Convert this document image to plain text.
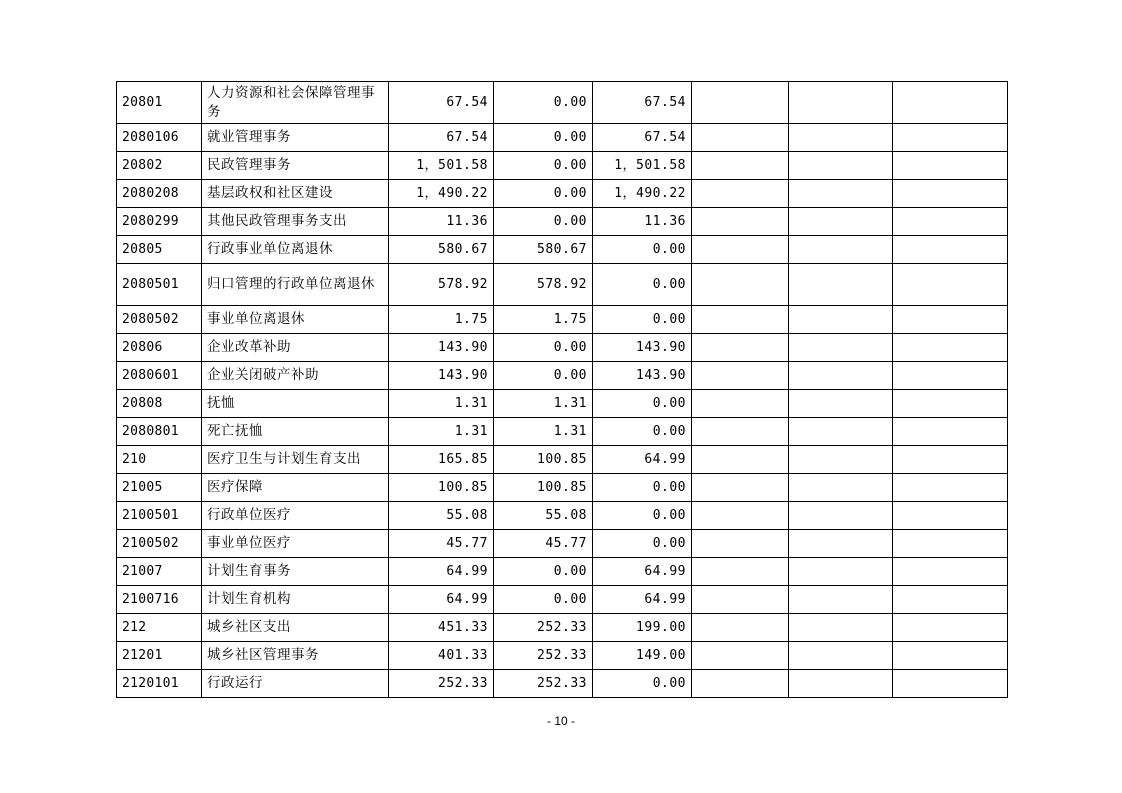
20801	人力资源和社会保障管理事务	67.54	0.00	67.54			
2080106	就业管理事务	67.54	0.00	67.54			
20802	民政管理事务	1，501.58	0.00	1，501.58			
2080208	基层政权和社区建设	1，490.22	0.00	1，490.22			
2080299	其他民政管理事务支出	11.36	0.00	11.36			
20805	行政事业单位离退休	580.67	580.67	0.00			
2080501	归口管理的行政单位离退休	578.92	578.92	0.00			
2080502	事业单位离退休	1.75	1.75	0.00			
20806	企业改革补助	143.90	0.00	143.90			
2080601	企业关闭破产补助	143.90	0.00	143.90			
20808	抚恤	1.31	1.31	0.00			
2080801	死亡抚恤	1.31	1.31	0.00			
210	医疗卫生与计划生育支出	165.85	100.85	64.99			
21005	医疗保障	100.85	100.85	0.00			
2100501	行政单位医疗	55.08	55.08	0.00			
2100502	事业单位医疗	45.77	45.77	0.00			
21007	计划生育事务	64.99	0.00	64.99			
2100716	计划生育机构	64.99	0.00	64.99			
212	城乡社区支出	451.33	252.33	199.00			
21201	城乡社区管理事务	401.33	252.33	149.00			
2120101	行政运行	252.33	252.33	0.00			
- 10 -
